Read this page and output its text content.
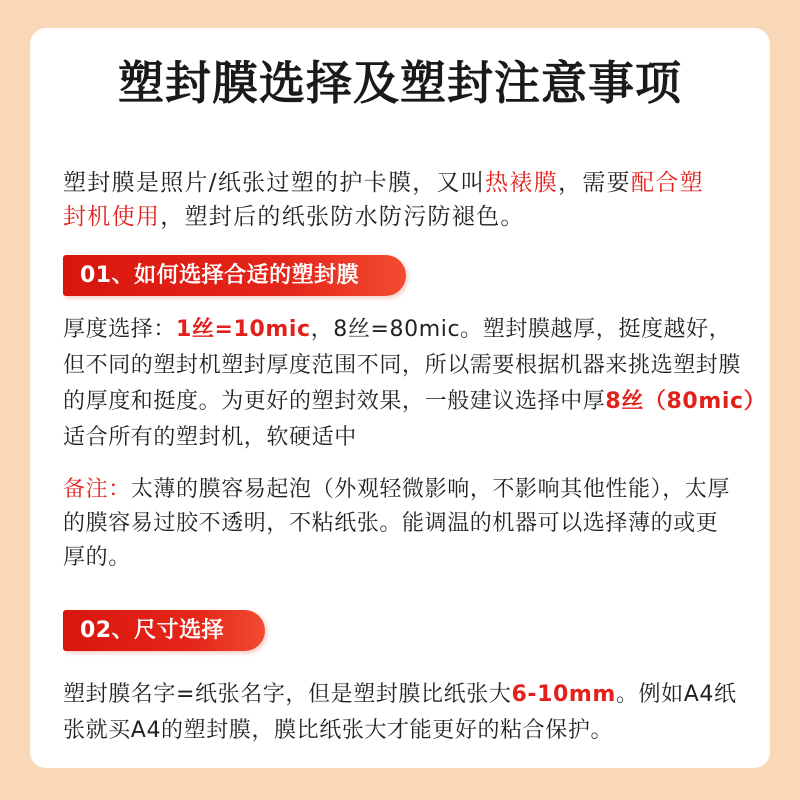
塑封膜选择及塑封注意事项
塑封膜是照片/纸张过塑的护卡膜，又叫热裱膜，需要配合塑
封机使用，塑封后的纸张防水防污防褪色。
01、如何选择合适的塑封膜
厚度选择：1丝=10mic，8丝=80mic。塑封膜越厚，挺度越好，
但不同的塑封机塑封厚度范围不同，所以需要根据机器来挑选塑封膜
的厚度和挺度。为更好的塑封效果，一般建议选择中厚8丝（80mic）
适合所有的塑封机，软硬适中
备注：太薄的膜容易起泡（外观轻微影响，不影响其他性能），太厚
的膜容易过胶不透明，不粘纸张。能调温的机器可以选择薄的或更
厚的。
02、尺寸选择
塑封膜名字=纸张名字，但是塑封膜比纸张大6-10mm。例如A4纸
张就买A4的塑封膜，膜比纸张大才能更好的粘合保护。
